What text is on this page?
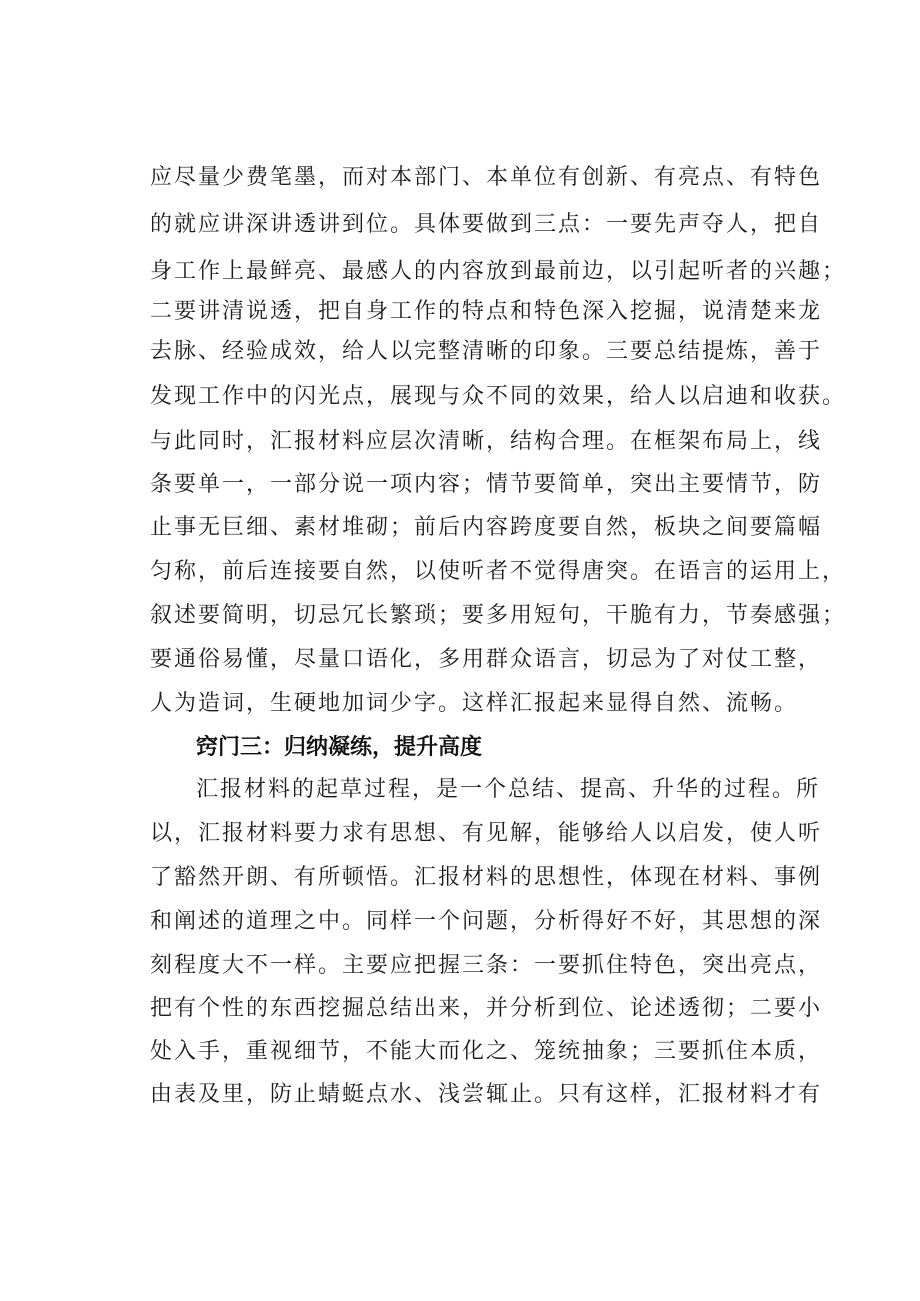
应尽量少费笔墨，而对本部门、本单位有创新、有亮点、有特色

的就应讲深讲透讲到位。具体要做到三点：一要先声夺人，把自

身工作上最鲜亮、最感人的内容放到最前边，以引起听者的兴趣；

二要讲清说透，把自身工作的特点和特色深入挖掘，说清楚来龙

去脉、经验成效，给人以完整清晰的印象。三要总结提炼，善于

发现工作中的闪光点，展现与众不同的效果，给人以启迪和收获。

与此同时，汇报材料应层次清晰，结构合理。在框架布局上，线

条要单一，一部分说一项内容；情节要简单，突出主要情节，防

止事无巨细、素材堆砌；前后内容跨度要自然，板块之间要篇幅

匀称，前后连接要自然，以使听者不觉得唐突。在语言的运用上，

叙述要简明，切忌冗长繁琐；要多用短句，干脆有力，节奏感强；

要通俗易懂，尽量口语化，多用群众语言，切忌为了对仗工整，

人为造词，生硬地加词少字。这样汇报起来显得自然、流畅。

窍门三：归纳凝练，提升高度

汇报材料的起草过程，是一个总结、提高、升华的过程。所

以，汇报材料要力求有思想、有见解，能够给人以启发，使人听

了豁然开朗、有所顿悟。汇报材料的思想性，体现在材料、事例

和阐述的道理之中。同样一个问题，分析得好不好，其思想的深

刻程度大不一样。主要应把握三条：一要抓住特色，突出亮点，

把有个性的东西挖掘总结出来，并分析到位、论述透彻；二要小

处入手，重视细节，不能大而化之、笼统抽象；三要抓住本质，

由表及里，防止蜻蜓点水、浅尝辄止。只有这样，汇报材料才有
